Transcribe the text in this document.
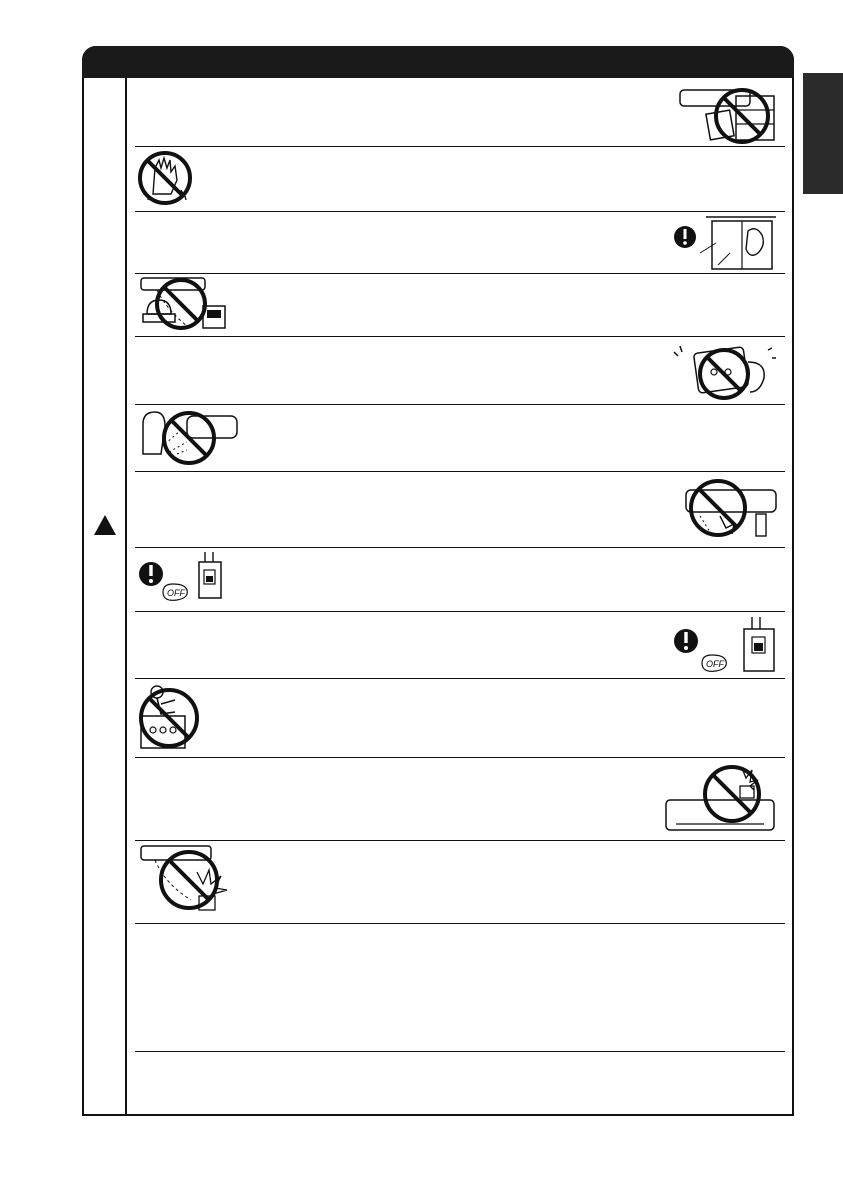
OFF
OFF
